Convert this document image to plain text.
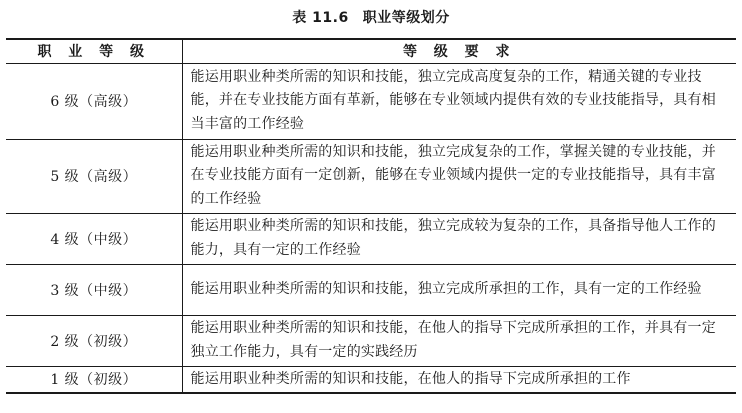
表 11.6 职业等级划分
职 业 等 级	等 级 要 求
6 级（高级）	能运用职业种类所需的知识和技能，独立完成高度复杂的工作，精通关键的专业技能，并在专业技能方面有革新，能够在专业领域内提供有效的专业技能指导，具有相当丰富的工作经验
5 级（高级）	能运用职业种类所需的知识和技能，独立完成复杂的工作，掌握关键的专业技能，并在专业技能方面有一定创新，能够在专业领域内提供一定的专业技能指导，具有丰富的工作经验
4 级（中级）	能运用职业种类所需的知识和技能，独立完成较为复杂的工作，具备指导他人工作的能力，具有一定的工作经验
3 级（中级）	能运用职业种类所需的知识和技能，独立完成所承担的工作，具有一定的工作经验
2 级（初级）	能运用职业种类所需的知识和技能，在他人的指导下完成所承担的工作，并具有一定独立工作能力，具有一定的实践经历
1 级（初级）	能运用职业种类所需的知识和技能，在他人的指导下完成所承担的工作
